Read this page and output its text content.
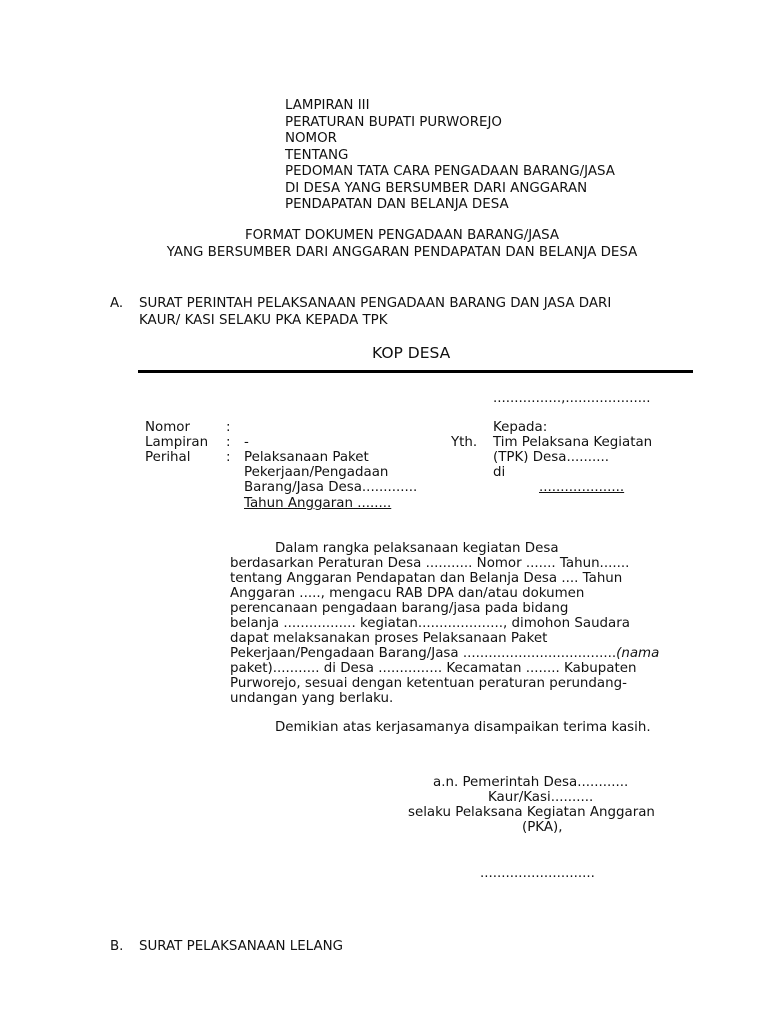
LAMPIRAN III
PERATURAN BUPATI PURWOREJO
NOMOR
TENTANG
PEDOMAN TATA CARA PENGADAAN BARANG/JASA
DI DESA YANG BERSUMBER DARI ANGGARAN
PENDAPATAN DAN BELANJA DESA
FORMAT DOKUMEN PENGADAAN BARANG/JASA
YANG BERSUMBER DARI ANGGARAN PENDAPATAN DAN BELANJA DESA
A. SURAT PERINTAH PELAKSANAAN PENGADAAN BARANG DAN JASA DARI
KAUR/ KASI SELAKU PKA KEPADA TPK
KOP DESA
................,....................
Nomor	:
Lampiran : -
Perihal	: Pelaksanaan Paket
Pekerjaan/Pengadaan
Barang/Jasa Desa.............
Tahun Anggaran ........
Kepada:
Yth. Tim Pelaksana Kegiatan
(TPK) Desa..........
di
....................
Dalam rangka pelaksanaan kegiatan Desa
berdasarkan Peraturan Desa ........... Nomor ....... Tahun.......
tentang Anggaran Pendapatan dan Belanja Desa .... Tahun
Anggaran ....., mengacu RAB DPA dan/atau dokumen
perencanaan pengadaan barang/jasa pada bidang
belanja ................. kegiatan...................., dimohon Saudara
dapat melaksanakan proses Pelaksanaan Paket
Pekerjaan/Pengadaan Barang/Jasa ....................................(nama
paket)........... di Desa ............... Kecamatan ........ Kabupaten
Purworejo, sesuai dengan ketentuan peraturan perundang-
undangan yang berlaku.
Demikian atas kerjasamanya disampaikan terima kasih.
a.n. Pemerintah Desa............
Kaur/Kasi..........
selaku Pelaksana Kegiatan Anggaran
(PKA),
...........................
B. SURAT PELAKSANAAN LELANG
